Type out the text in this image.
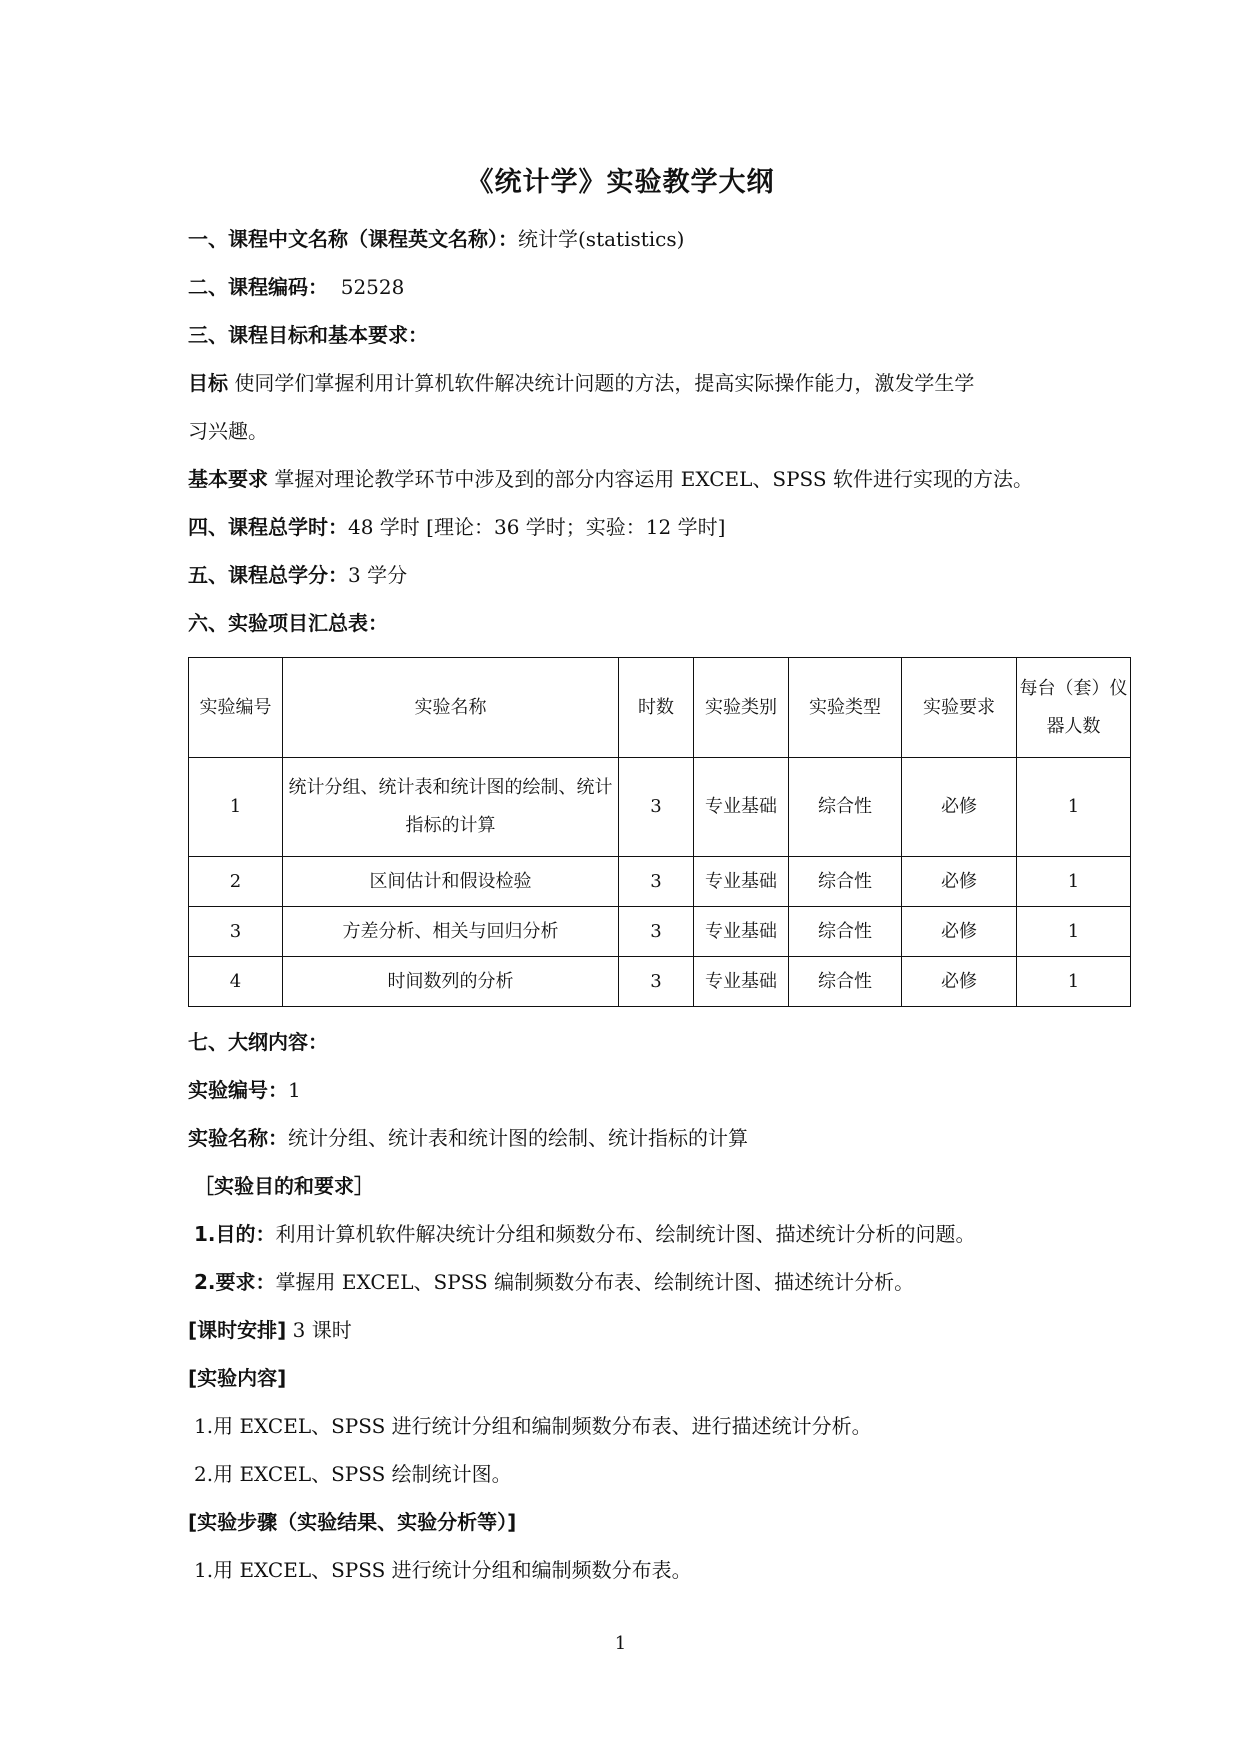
《统计学》实验教学大纲
一、课程中文名称（课程英文名称）：统计学(statistics)
二、课程编码： 52528
三、课程目标和基本要求：
目标 使同学们掌握利用计算机软件解决统计问题的方法，提高实际操作能力，激发学生学
习兴趣。
基本要求 掌握对理论教学环节中涉及到的部分内容运用 EXCEL、SPSS 软件进行实现的方法。
四、课程总学时：48 学时 [理论：36 学时；实验：12 学时]
五、课程总学分：3 学分
六、实验项目汇总表：
实验编号	实验名称	时数	实验类别	实验类型	实验要求	每台（套）仪器人数
1	统计分组、统计表和统计图的绘制、统计指标的计算	3	专业基础	综合性	必修	1
2	区间估计和假设检验	3	专业基础	综合性	必修	1
3	方差分析、相关与回归分析	3	专业基础	综合性	必修	1
4	时间数列的分析	3	专业基础	综合性	必修	1
七、大纲内容：
实验编号：1
实验名称：统计分组、统计表和统计图的绘制、统计指标的计算
［实验目的和要求］
1.目的：利用计算机软件解决统计分组和频数分布、绘制统计图、描述统计分析的问题。
2.要求：掌握用 EXCEL、SPSS 编制频数分布表、绘制统计图、描述统计分析。
[课时安排] 3 课时
[实验内容]
1.用 EXCEL、SPSS 进行统计分组和编制频数分布表、进行描述统计分析。
2.用 EXCEL、SPSS 绘制统计图。
[实验步骤（实验结果、实验分析等）]
1.用 EXCEL、SPSS 进行统计分组和编制频数分布表。
1
